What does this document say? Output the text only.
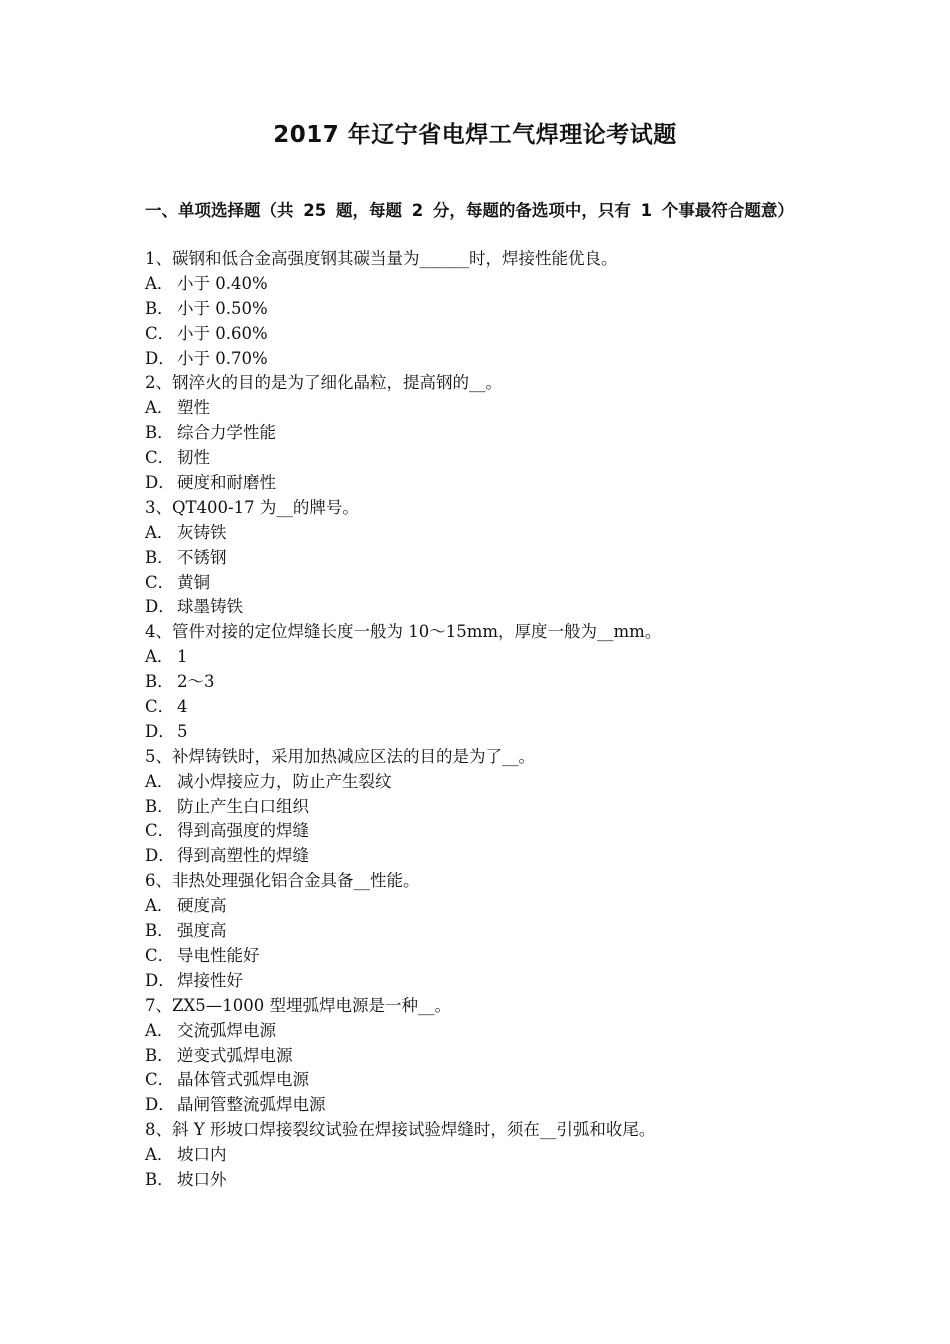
2017 年辽宁省电焊工气焊理论考试题
一、单项选择题（共 25 题，每题 2 分，每题的备选项中，只有 1 个事最符合题意）
1、碳钢和低合金高强度钢其碳当量为______时，焊接性能优良。
A． 小于 0.40%
B． 小于 0.50%
C． 小于 0.60%
D． 小于 0.70%
2、钢淬火的目的是为了细化晶粒，提高钢的__。
A． 塑性
B． 综合力学性能
C． 韧性
D． 硬度和耐磨性
3、QT400-17 为__的牌号。
A． 灰铸铁
B． 不锈钢
C． 黄铜
D． 球墨铸铁
4、管件对接的定位焊缝长度一般为 10～15mm，厚度一般为__mm。
A． 1
B． 2～3
C． 4
D． 5
5、补焊铸铁时，采用加热减应区法的目的是为了__。
A． 减小焊接应力，防止产生裂纹
B． 防止产生白口组织
C． 得到高强度的焊缝
D． 得到高塑性的焊缝
6、非热处理强化铝合金具备__性能。
A． 硬度高
B． 强度高
C． 导电性能好
D． 焊接性好
7、ZX5—1000 型埋弧焊电源是一种__。
A． 交流弧焊电源
B． 逆变式弧焊电源
C． 晶体管式弧焊电源
D． 晶闸管整流弧焊电源
8、斜 Y 形坡口焊接裂纹试验在焊接试验焊缝时，须在__引弧和收尾。
A． 坡口内
B． 坡口外
